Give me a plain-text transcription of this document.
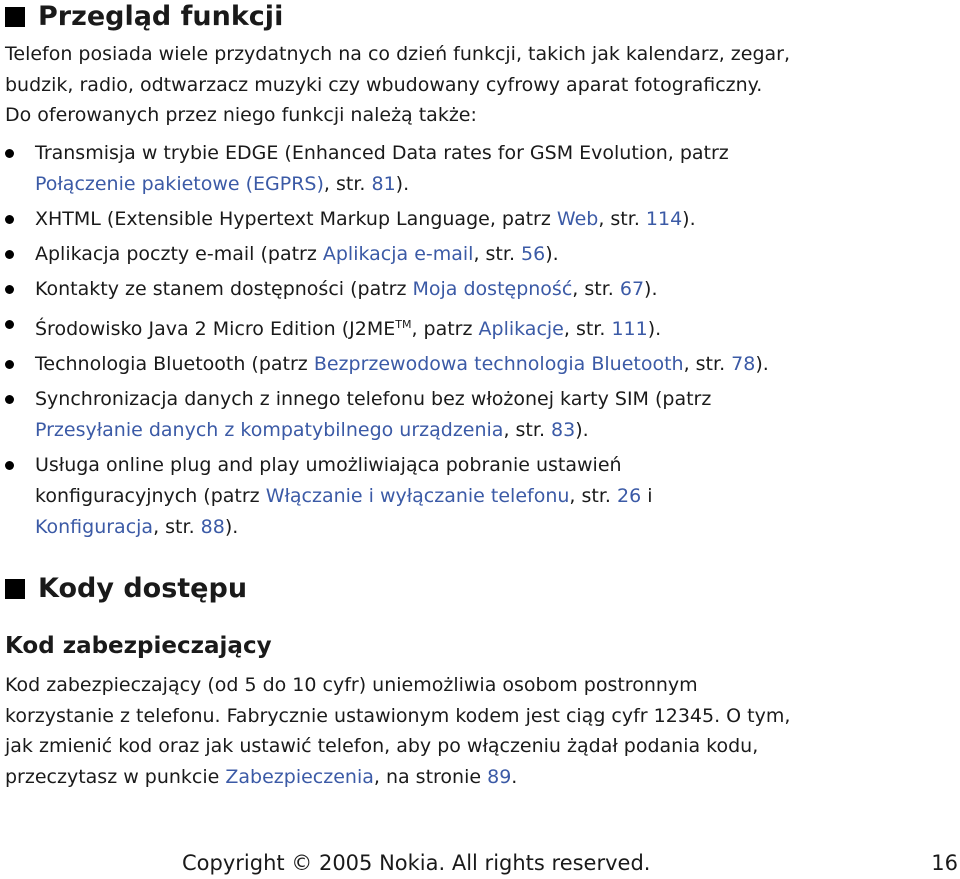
Przegląd funkcji
Telefon posiada wiele przydatnych na co dzień funkcji, takich jak kalendarz, zegar,
budzik, radio, odtwarzacz muzyki czy wbudowany cyfrowy aparat fotograficzny.
Do oferowanych przez niego funkcji należą także:
Transmisja w trybie EDGE (Enhanced Data rates for GSM Evolution, patrz
Połączenie pakietowe (EGPRS), str. 81).
XHTML (Extensible Hypertext Markup Language, patrz Web, str. 114).
Aplikacja poczty e-mail (patrz Aplikacja e-mail, str. 56).
Kontakty ze stanem dostępności (patrz Moja dostępność, str. 67).
Środowisko Java 2 Micro Edition (J2ME™, patrz Aplikacje, str. 111).
Technologia Bluetooth (patrz Bezprzewodowa technologia Bluetooth, str. 78).
Synchronizacja danych z innego telefonu bez włożonej karty SIM (patrz
Przesyłanie danych z kompatybilnego urządzenia, str. 83).
Usługa online plug and play umożliwiająca pobranie ustawień
konfiguracyjnych (patrz Włączanie i wyłączanie telefonu, str. 26 i
Konfiguracja, str. 88).
Kody dostępu
Kod zabezpieczający
Kod zabezpieczający (od 5 do 10 cyfr) uniemożliwia osobom postronnym
korzystanie z telefonu. Fabrycznie ustawionym kodem jest ciąg cyfr 12345. O tym,
jak zmienić kod oraz jak ustawić telefon, aby po włączeniu żądał podania kodu,
przeczytasz w punkcie Zabezpieczenia, na stronie 89.
Copyright © 2005 Nokia. All rights reserved.	16
